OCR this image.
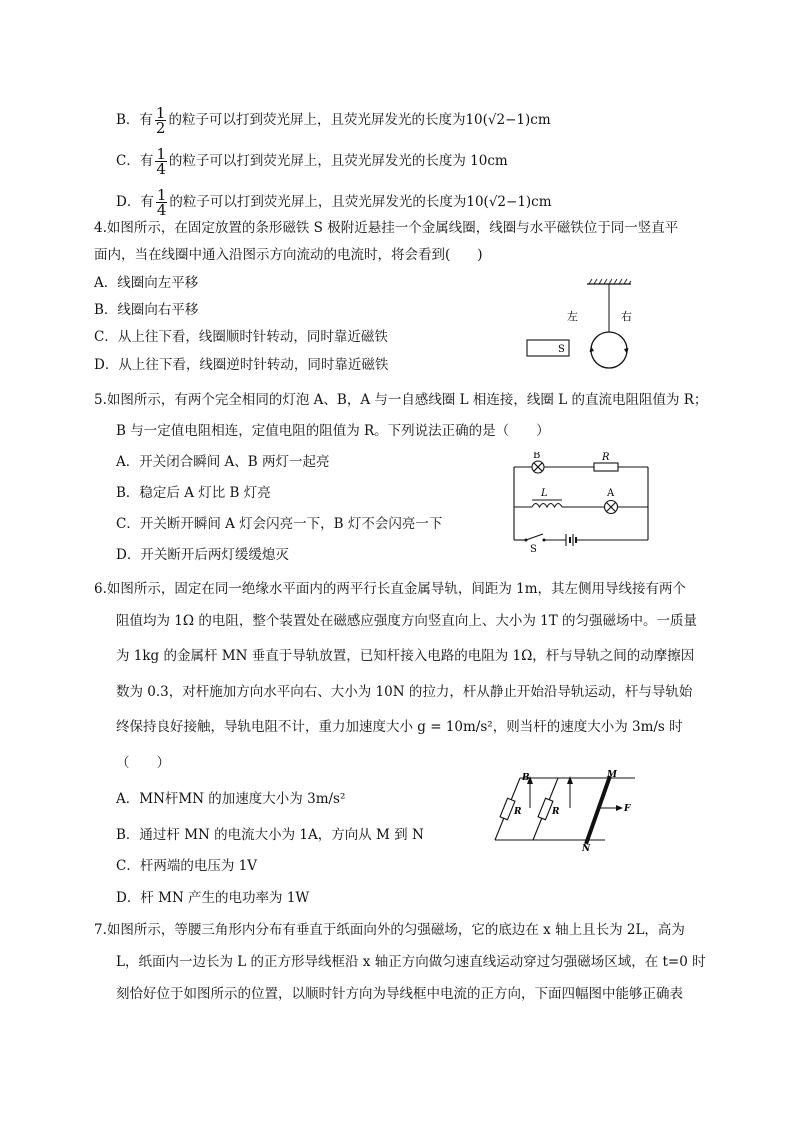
B．有 $\frac{1}{2}$ 的粒子可以打到荧光屏上，且荧光屏发光的长度为10(√2−1)cm
C．有 $\frac{1}{4}$ 的粒子可以打到荧光屏上，且荧光屏发光的长度为 10cm
D．有 $\frac{1}{4}$ 的粒子可以打到荧光屏上，且荧光屏发光的长度为10(√2−1)cm
4.如图所示，在固定放置的条形磁铁 S 极附近悬挂一个金属线圈，线圈与水平磁铁位于同一竖直平
面内，当在线圈中通入沿图示方向流动的电流时，将会看到(　　)
A．线圈向左平移
B．线圈向右平移
C．从上往下看，线圈顺时针转动，同时靠近磁铁
D．从上往下看，线圈逆时针转动，同时靠近磁铁
左	右
S
5.如图所示，有两个完全相同的灯泡 A、B，A 与一自感线圈 L 相连接，线圈 L 的直流电阻阻值为 R；
B 与一定值电阻相连，定值电阻的阻值为 R。下列说法正确的是（　　）
A．开关闭合瞬间 A、B 两灯一起亮
B．稳定后 A 灯比 B 灯亮
C．开关断开瞬间 A 灯会闪亮一下，B 灯不会闪亮一下
D．开关断开后两灯缓缓熄灭
B	R
L	A
S
6.如图所示，固定在同一绝缘水平面内的两平行长直金属导轨，间距为 1m，其左侧用导线接有两个
阻值均为 1Ω 的电阻，整个装置处在磁感应强度方向竖直向上、大小为 1T 的匀强磁场中。一质量
为 1kg 的金属杆 MN 垂直于导轨放置，已知杆接入电路的电阻为 1Ω，杆与导轨之间的动摩擦因
数为 0.3，对杆施加方向水平向右、大小为 10N 的拉力，杆从静止开始沿导轨运动，杆与导轨始
终保持良好接触，导轨电阻不计，重力加速度大小 g = 10m/s²，则当杆的速度大小为 3m/s 时
（　　）
A．MN杆MN 的加速度大小为 3m/s²
B．通过杆 MN 的电流大小为 1A，方向从 M 到 N
C．杆两端的电压为 1V
D．杆 MN 产生的电功率为 1W
R	R
B	M
N
F
7.如图所示，等腰三角形内分布有垂直于纸面向外的匀强磁场，它的底边在 x 轴上且长为 2L，高为
L，纸面内一边长为 L 的正方形导线框沿 x 轴正方向做匀速直线运动穿过匀强磁场区域，在 t=0 时
刻恰好位于如图所示的位置，以顺时针方向为导线框中电流的正方向，下面四幅图中能够正确表
